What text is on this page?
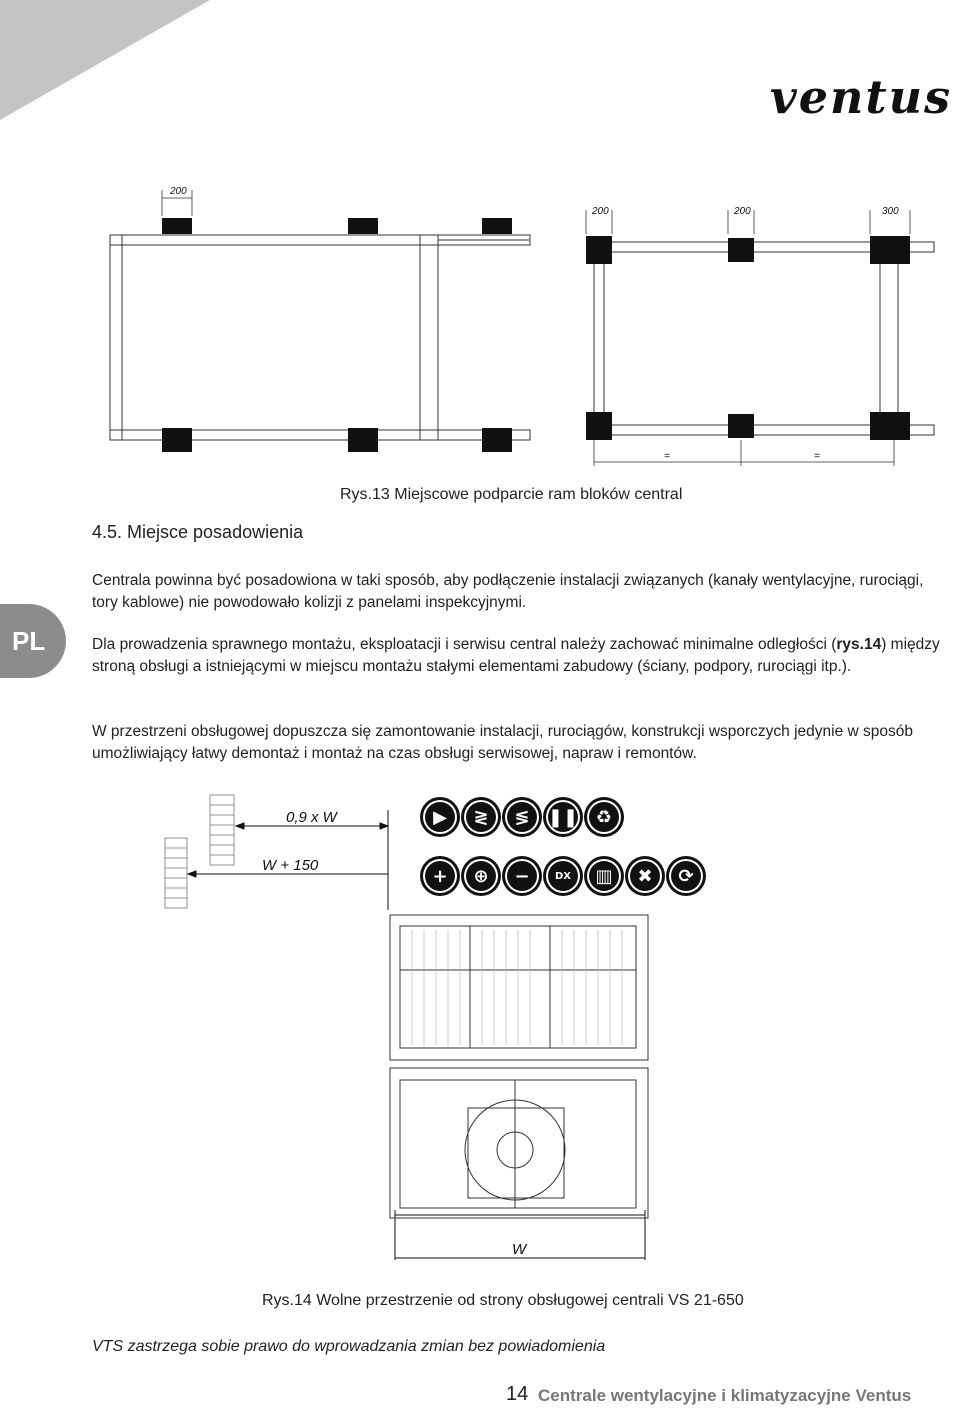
ventus
200
200	200	300
=	=
Rys.13 Miejscowe podparcie ram bloków central
4.5. Miejsce posadowienia
PL
Centrala powinna być posadowiona w taki sposób, aby podłączenie instalacji związanych (kanały wentylacyjne, rurociągi, tory kablowe) nie powodowało kolizji z panelami inspekcyjnymi.
Dla prowadzenia sprawnego montażu, eksploatacji i serwisu central należy zachować minimalne odległości (rys.14) między stroną obsługi a istniejącymi w miejscu montażu stałymi elementami zabudowy (ściany, podpory, rurociągi itp.).
W przestrzeni obsługowej dopuszcza się zamontowanie instalacji, rurociągów, konstrukcji wsporczych jedynie w sposób umożliwiający łatwy demontaż i montaż na czas obsługi serwisowej, napraw i remontów.
0,9 x W
W + 150
W
▶	≷	≶	❚❚ ♻
+	⊕	−	DX	▥	✖	⟳
Rys.14 Wolne przestrzenie od strony obsługowej centrali VS 21-650
VTS zastrzega sobie prawo do wprowadzania zmian bez powiadomienia
14 Centrale wentylacyjne i klimatyzacyjne Ventus
